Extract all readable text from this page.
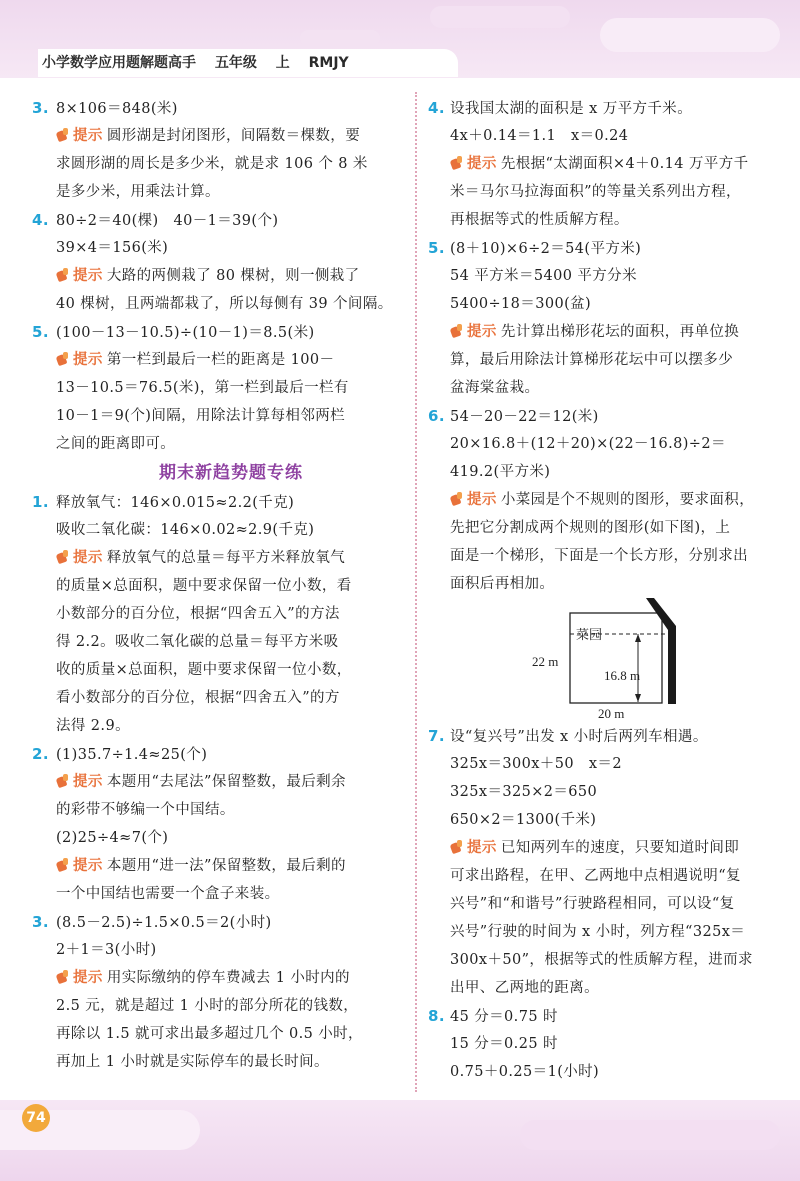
小学数学应用题解题高手 五年级 上 RMJY
3. 8×106＝848(米)
提示 圆形湖是封闭图形，间隔数＝棵数，要
求圆形湖的周长是多少米，就是求 106 个 8 米
是多少米，用乘法计算。
4. 80÷2＝40(棵)　40－1＝39(个)
39×4＝156(米)
提示 大路的两侧栽了 80 棵树，则一侧栽了
40 棵树，且两端都栽了，所以每侧有 39 个间隔。
5. (100－13－10.5)÷(10－1)＝8.5(米)
提示 第一栏到最后一栏的距离是 100－
13－10.5＝76.5(米)，第一栏到最后一栏有
10－1＝9(个)间隔，用除法计算每相邻两栏
之间的距离即可。
期末新趋势题专练
1. 释放氧气：146×0.015≈2.2(千克)
吸收二氧化碳：146×0.02≈2.9(千克)
提示 释放氧气的总量＝每平方米释放氧气
的质量×总面积，题中要求保留一位小数，看
小数部分的百分位，根据“四舍五入”的方法
得 2.2。吸收二氧化碳的总量＝每平方米吸
收的质量×总面积，题中要求保留一位小数，
看小数部分的百分位，根据“四舍五入”的方
法得 2.9。
2. (1)35.7÷1.4≈25(个)
提示 本题用“去尾法”保留整数，最后剩余
的彩带不够编一个中国结。
(2)25÷4≈7(个)
提示 本题用“进一法”保留整数，最后剩的
一个中国结也需要一个盒子来装。
3. (8.5－2.5)÷1.5×0.5＝2(小时)
2＋1＝3(小时)
提示 用实际缴纳的停车费减去 1 小时内的
2.5 元，就是超过 1 小时的部分所花的钱数，
再除以 1.5 就可求出最多超过几个 0.5 小时，
再加上 1 小时就是实际停车的最长时间。
4. 设我国太湖的面积是 x 万平方千米。
4x＋0.14＝1.1　x＝0.24
提示 先根据“太湖面积×4＋0.14 万平方千
米＝马尔马拉海面积”的等量关系列出方程，
再根据等式的性质解方程。
5. (8＋10)×6÷2＝54(平方米)
54 平方米＝5400 平方分米
5400÷18＝300(盆)
提示 先计算出梯形花坛的面积，再单位换
算，最后用除法计算梯形花坛中可以摆多少
盆海棠盆栽。
6. 54－20－22＝12(米)
20×16.8＋(12＋20)×(22－16.8)÷2＝
419.2(平方米)
提示 小菜园是个不规则的图形，要求面积，
先把它分割成两个规则的图形(如下图)，上
面是一个梯形，下面是一个长方形，分别求出
面积后再相加。
菜园
22 m
16.8 m
20 m
7. 设“复兴号”出发 x 小时后两列车相遇。
325x＝300x＋50　x＝2
325x＝325×2＝650
650×2＝1300(千米)
提示 已知两列车的速度，只要知道时间即
可求出路程，在甲、乙两地中点相遇说明“复
兴号”和“和谐号”行驶路程相同，可以设“复
兴号”行驶的时间为 x 小时，列方程“325x＝
300x＋50”，根据等式的性质解方程，进而求
出甲、乙两地的距离。
8. 45 分＝0.75 时
15 分＝0.25 时
0.75＋0.25＝1(小时)
74
